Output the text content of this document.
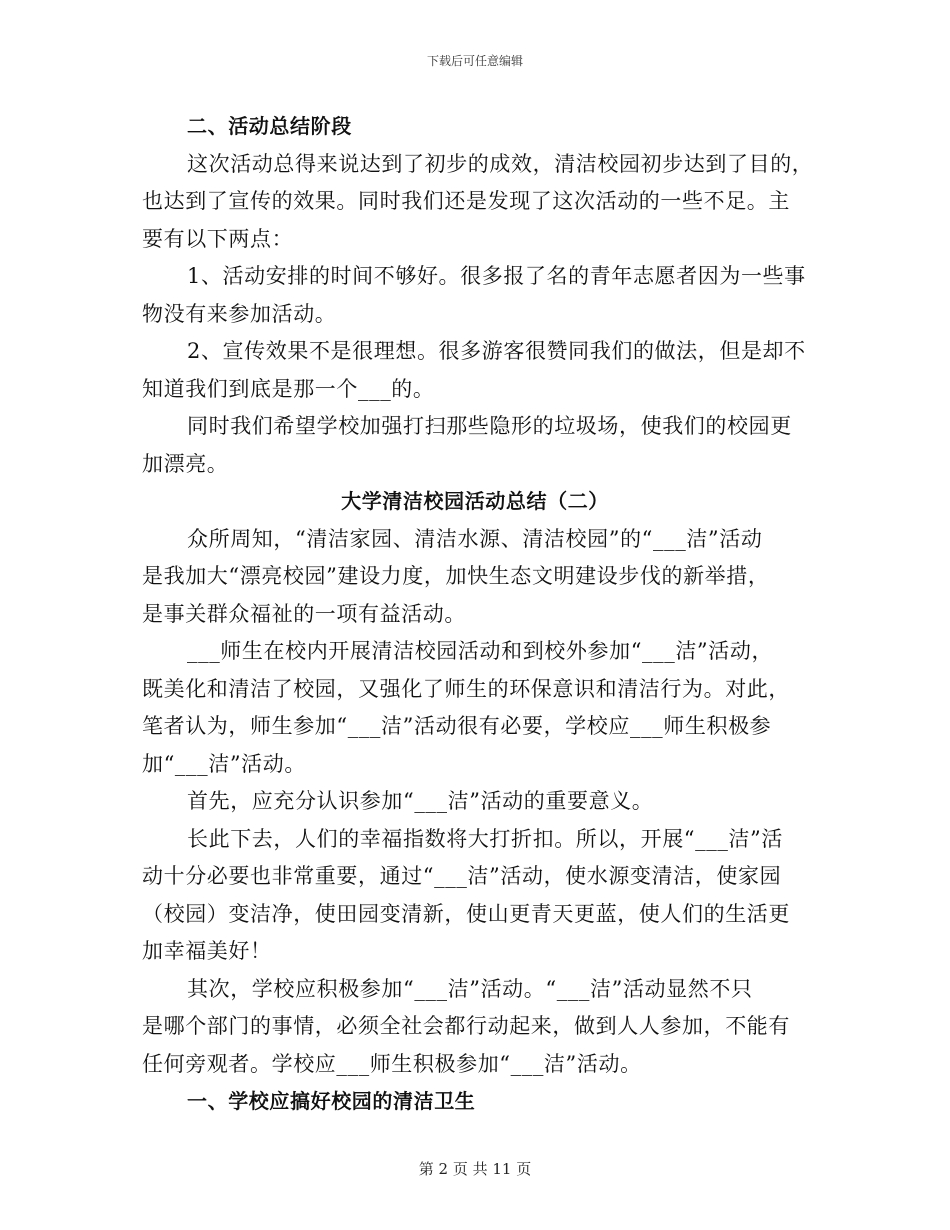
下载后可任意编辑
二、活动总结阶段
这次活动总得来说达到了初步的成效，清洁校园初步达到了目的，
也达到了宣传的效果。同时我们还是发现了这次活动的一些不足。主
要有以下两点：
1、活动安排的时间不够好。很多报了名的青年志愿者因为一些事
物没有来参加活动。
2、宣传效果不是很理想。很多游客很赞同我们的做法，但是却不
知道我们到底是那一个___的。
同时我们希望学校加强打扫那些隐形的垃圾场，使我们的校园更
加漂亮。
大学清洁校园活动总结（二）
众所周知，“清洁家园、清洁水源、清洁校园”的“___洁”活动
是我加大“漂亮校园”建设力度，加快生态文明建设步伐的新举措，
是事关群众福祉的一项有益活动。
___师生在校内开展清洁校园活动和到校外参加“___洁”活动，
既美化和清洁了校园，又强化了师生的环保意识和清洁行为。对此，
笔者认为，师生参加“___洁”活动很有必要，学校应___师生积极参
加“___洁”活动。
首先，应充分认识参加“___洁”活动的重要意义。
长此下去，人们的幸福指数将大打折扣。所以，开展“___洁”活
动十分必要也非常重要，通过“___洁”活动，使水源变清洁，使家园
（校园）变洁净，使田园变清新，使山更青天更蓝，使人们的生活更
加幸福美好！
其次，学校应积极参加“___洁”活动。“___洁”活动显然不只
是哪个部门的事情，必须全社会都行动起来，做到人人参加，不能有
任何旁观者。学校应___师生积极参加“___洁”活动。
一、学校应搞好校园的清洁卫生
第 2 页 共 11 页
